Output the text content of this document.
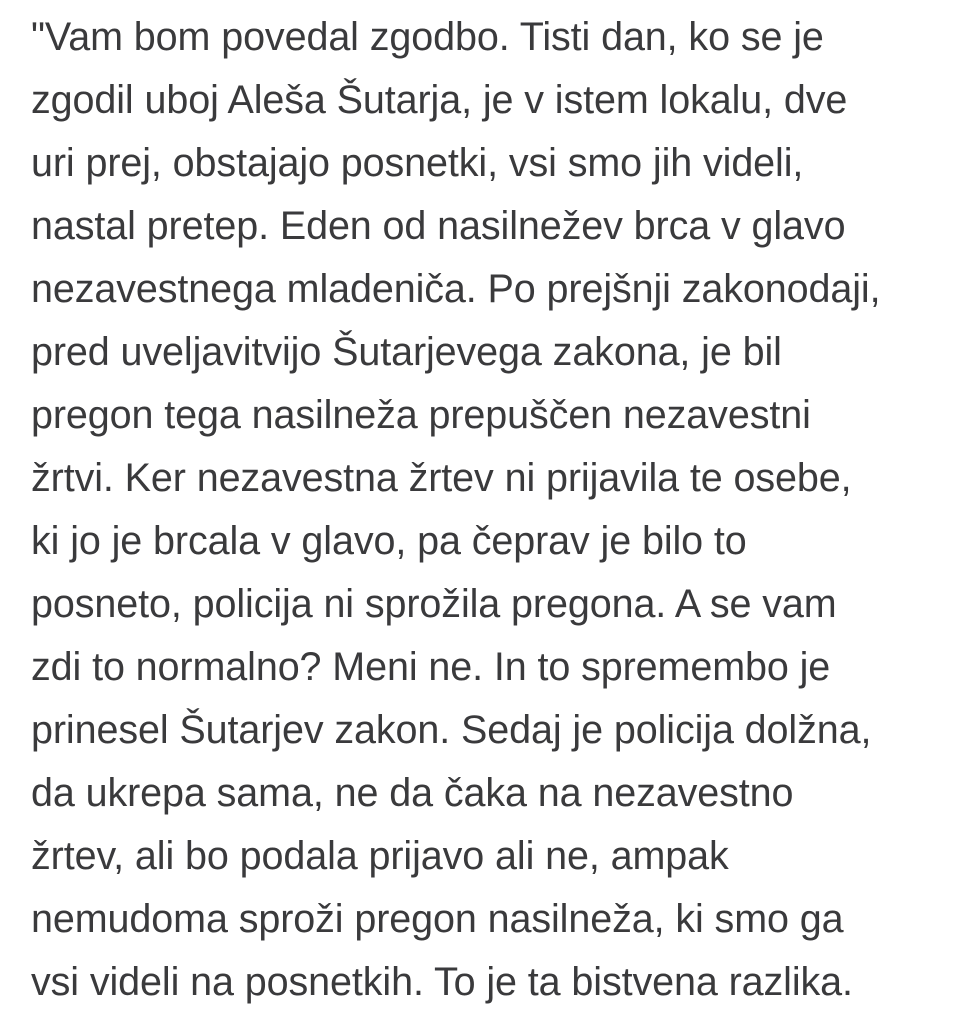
"Vam bom povedal zgodbo. Tisti dan, ko se je
zgodil uboj Aleša Šutarja, je v istem lokalu, dve
uri prej, obstajajo posnetki, vsi smo jih videli,
nastal pretep. Eden od nasilnežev brca v glavo
nezavestnega mladeniča. Po prejšnji zakonodaji,
pred uveljavitvijo Šutarjevega zakona, je bil
pregon tega nasilneža prepuščen nezavestni
žrtvi. Ker nezavestna žrtev ni prijavila te osebe,
ki jo je brcala v glavo, pa čeprav je bilo to
posneto, policija ni sprožila pregona. A se vam
zdi to normalno? Meni ne. In to spremembo je
prinesel Šutarjev zakon. Sedaj je policija dolžna,
da ukrepa sama, ne da čaka na nezavestno
žrtev, ali bo podala prijavo ali ne, ampak
nemudoma sproži pregon nasilneža, ki smo ga
vsi videli na posnetkih. To je ta bistvena razlika.
